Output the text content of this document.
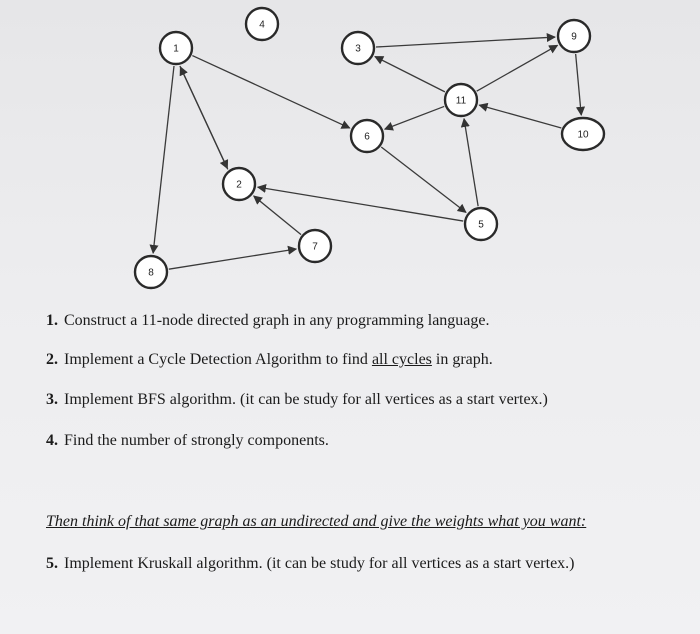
1
2
3
4
5
6
7
8
9
10
11

1. Construct a 11-node directed graph in any programming language.

2. Implement a Cycle Detection Algorithm to find all cycles in graph.

3. Implement BFS algorithm. (it can be study for all vertices as a start vertex.)

4. Find the number of strongly components.

Then think of that same graph as an undirected and give the weights what you want:

5. Implement Kruskall algorithm. (it can be study for all vertices as a start vertex.)
